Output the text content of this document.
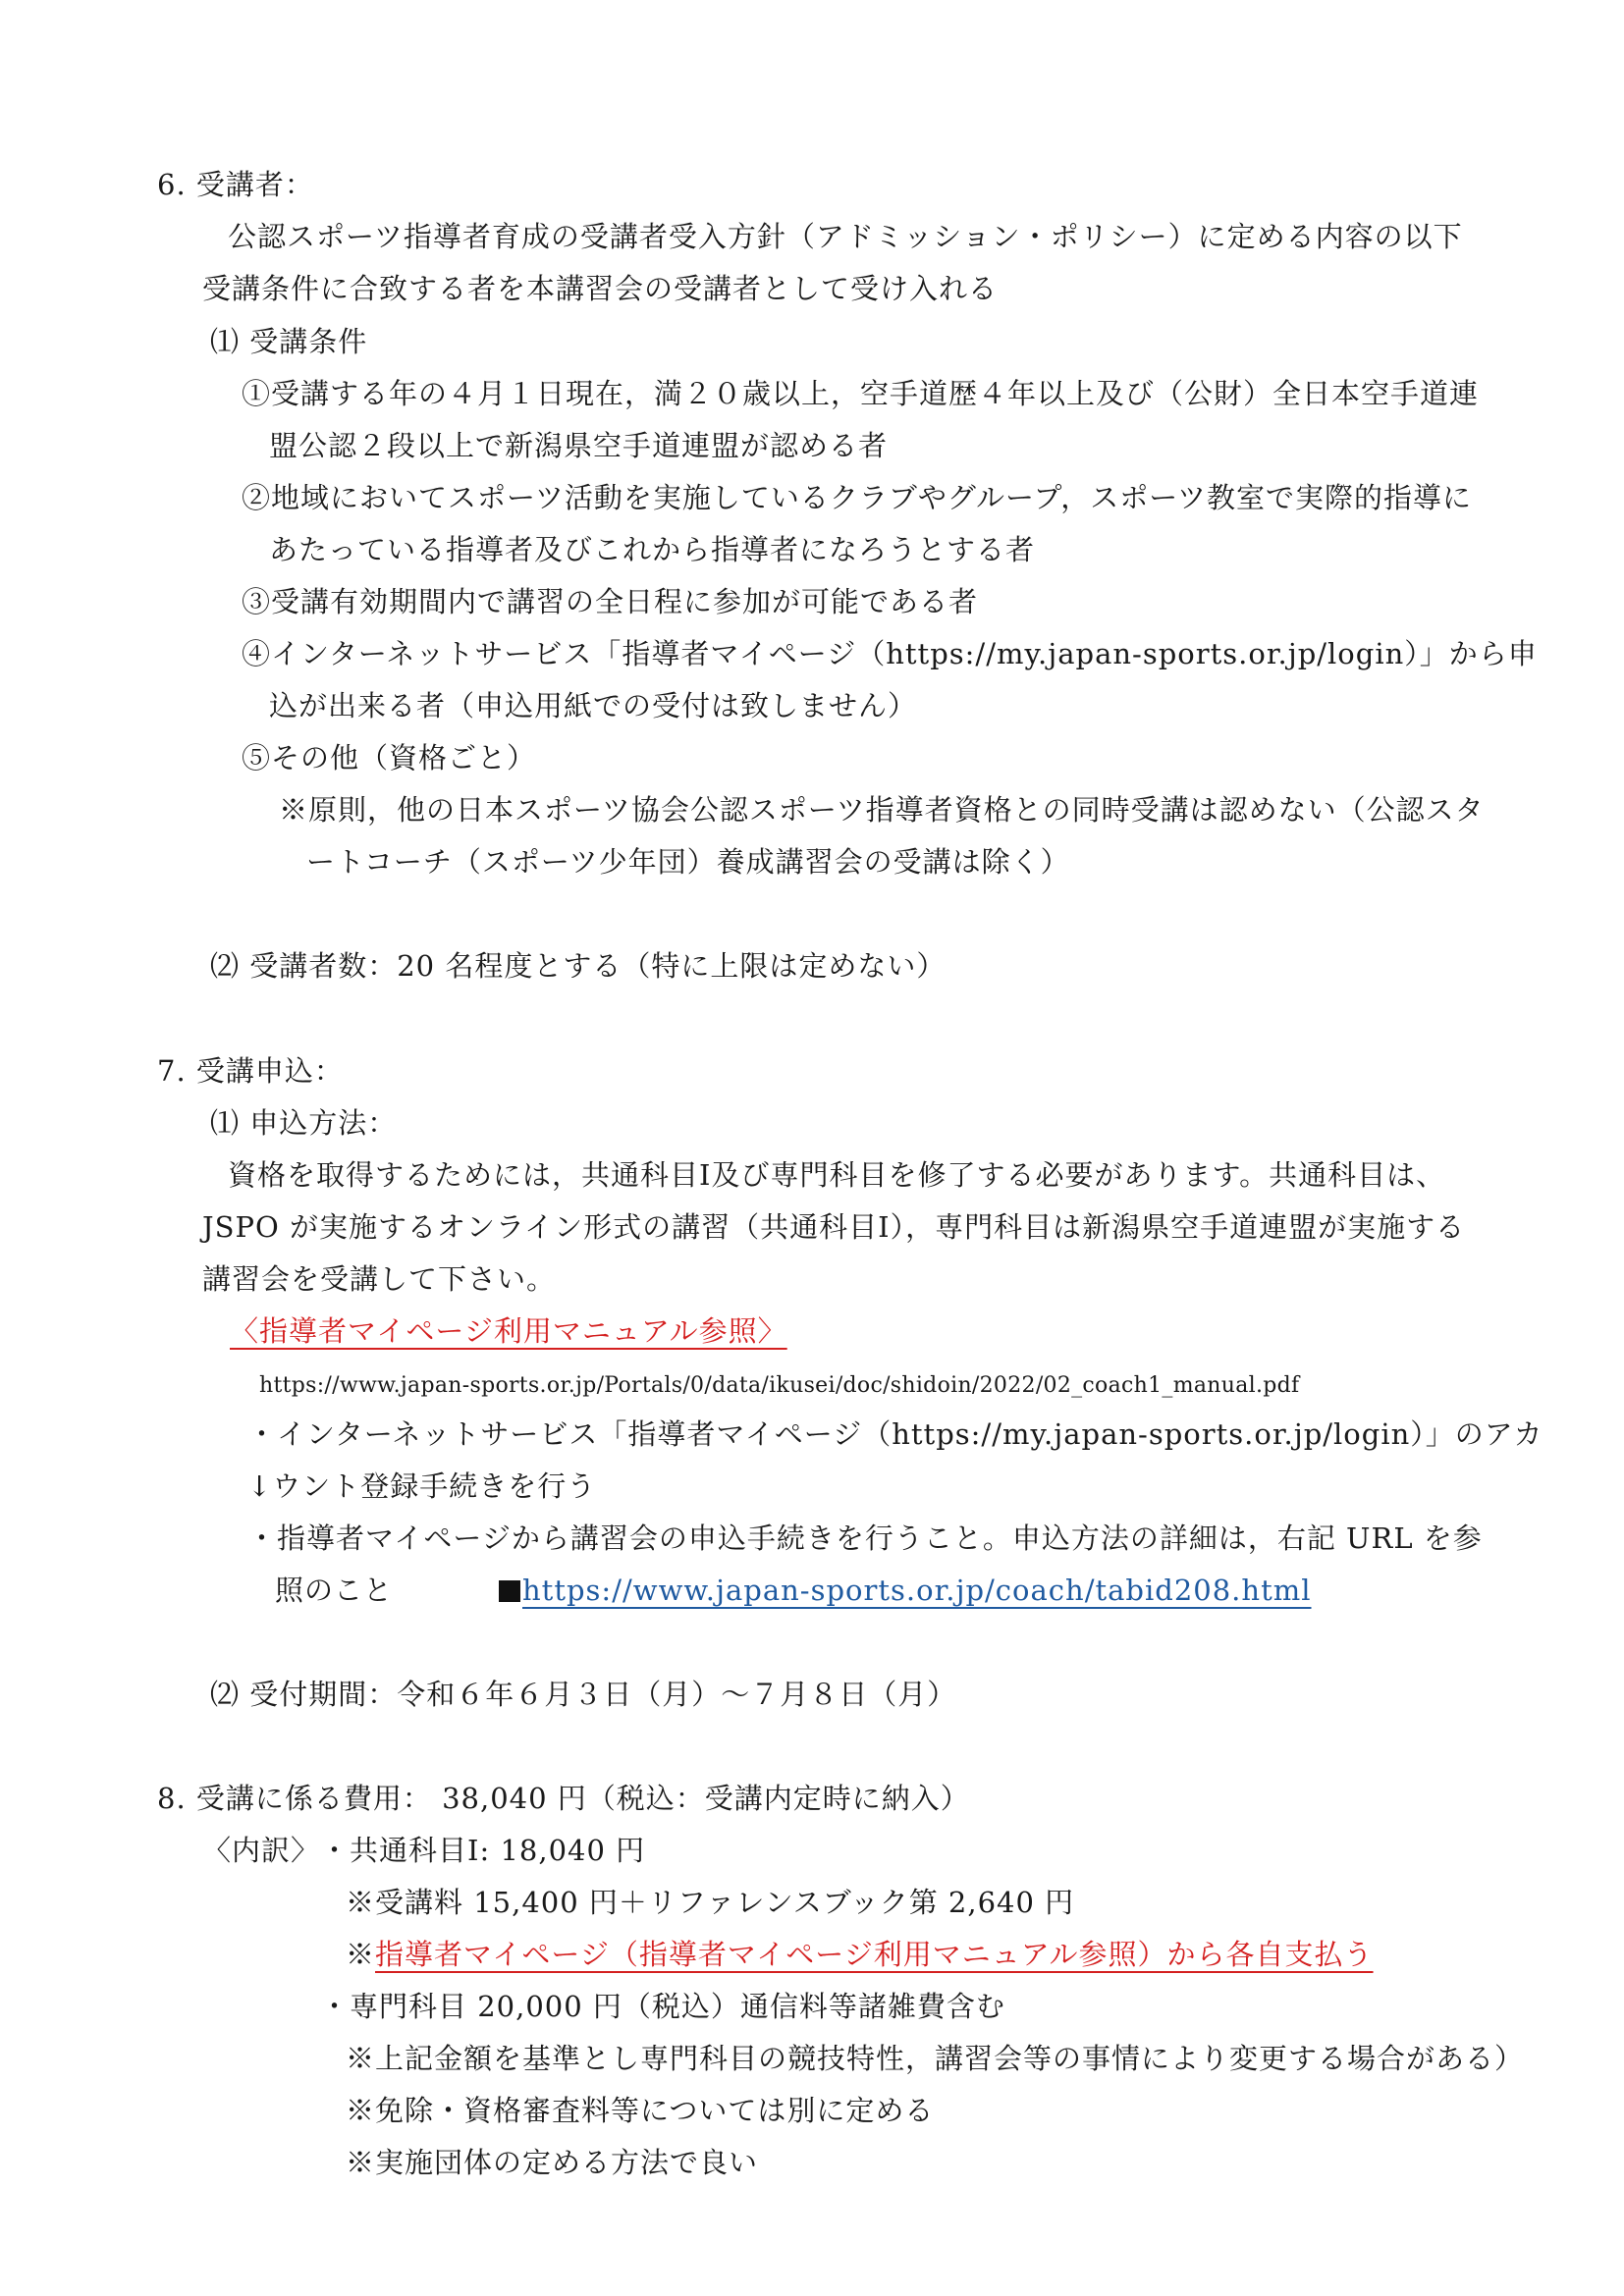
6. 受講者：
公認スポーツ指導者育成の受講者受入方針（アドミッション・ポリシー）に定める内容の以下
受講条件に合致する者を本講習会の受講者として受け入れる
⑴ 受講条件
①受講する年の４月１日現在，満２０歳以上，空手道歴４年以上及び（公財）全日本空手道連
盟公認２段以上で新潟県空手道連盟が認める者
②地域においてスポーツ活動を実施しているクラブやグループ，スポーツ教室で実際的指導に
あたっている指導者及びこれから指導者になろうとする者
③受講有効期間内で講習の全日程に参加が可能である者
④インターネットサービス「指導者マイページ（https://my.japan-sports.or.jp/login）」から申
込が出来る者（申込用紙での受付は致しません）
⑤その他（資格ごと）
※原則，他の日本スポーツ協会公認スポーツ指導者資格との同時受講は認めない（公認スタ
ートコーチ（スポーツ少年団）養成講習会の受講は除く）
⑵ 受講者数：20 名程度とする（特に上限は定めない）
7. 受講申込：
⑴ 申込方法：
資格を取得するためには，共通科目Ⅰ及び専門科目を修了する必要があります。共通科目は、
JSPO が実施するオンライン形式の講習（共通科目Ⅰ），専門科目は新潟県空手道連盟が実施する
講習会を受講して下さい。
〈指導者マイページ利用マニュアル参照〉
https://www.japan-sports.or.jp/Portals/0/data/ikusei/doc/shidoin/2022/02_coach1_manual.pdf
・インターネットサービス「指導者マイページ（https://my.japan-sports.or.jp/login）」のアカ
↓ウント登録手続きを行う
・指導者マイページから講習会の申込手続きを行うこと。申込方法の詳細は，右記 URL を参
照のこと	https://www.japan-sports.or.jp/coach/tabid208.html
⑵ 受付期間：令和６年６月３日（月）～７月８日（月）
8. 受講に係る費用： 38,040 円（税込：受講内定時に納入）
〈内訳〉 ・共通科目Ⅰ: 18,040 円
※受講料 15,400 円＋リファレンスブック第 2,640 円
※指導者マイページ（指導者マイページ利用マニュアル参照）から各自支払う
・専門科目 20,000 円（税込）通信料等諸雑費含む
※上記金額を基準とし専門科目の競技特性，講習会等の事情により変更する場合がある）
※免除・資格審査料等については別に定める
※実施団体の定める方法で良い
